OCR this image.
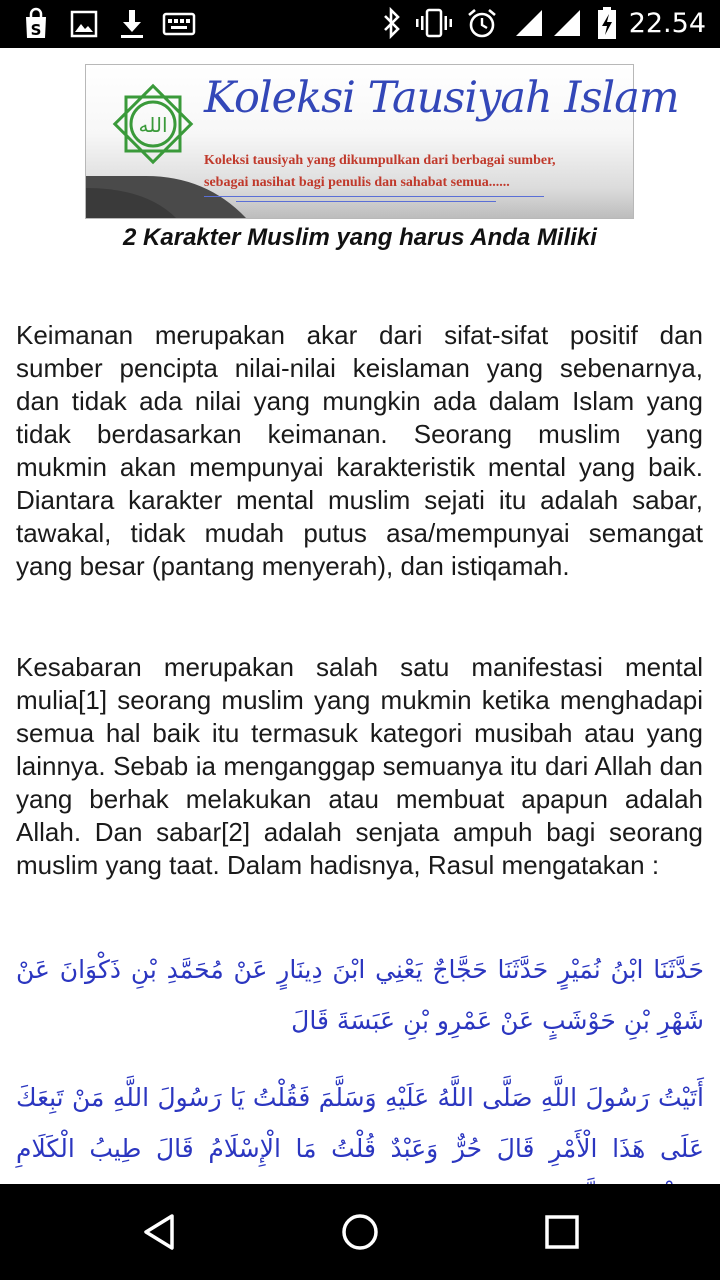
S	22.54
الله
Koleksi Tausiyah Islam
Koleksi tausiyah yang dikumpulkan dari berbagai sumber,
sebagai nasihat bagi penulis dan sahabat semua......
2 Karakter Muslim yang harus Anda Miliki

Keimanan merupakan akar dari sifat-sifat positif dan sumber pencipta nilai-nilai keislaman yang sebenarnya, dan tidak ada nilai yang mungkin ada dalam Islam yang tidak berdasarkan keimanan. Seorang muslim yang mukmin akan mempunyai karakteristik mental yang baik. Diantara karakter mental muslim sejati itu adalah sabar, tawakal, tidak mudah putus asa/mempunyai semangat yang besar (pantang menyerah), dan istiqamah.

Kesabaran merupakan salah satu manifestasi mental mulia[1] seorang muslim yang mukmin ketika menghadapi semua hal baik itu termasuk kategori musibah atau yang lainnya. Sebab ia menganggap semuanya itu dari Allah dan yang berhak melakukan atau membuat apapun adalah Allah. Dan sabar[2] adalah senjata ampuh bagi seorang muslim yang taat. Dalam hadisnya, Rasul mengatakan :

حَدَّثَنَا ابْنُ نُمَيْرٍ حَدَّثَنَا حَجَّاجٌ يَعْنِي ابْنَ دِينَارٍ عَنْ مُحَمَّدِ بْنِ ذَكْوَانَ عَنْ شَهْرِ بْنِ حَوْشَبٍ عَنْ عَمْرِو بْنِ عَبَسَةَ قَالَ

أَتَيْتُ رَسُولَ اللَّهِ صَلَّى اللَّهُ عَلَيْهِ وَسَلَّمَ فَقُلْتُ يَا رَسُولَ اللَّهِ مَنْ تَبِعَكَ عَلَى هَذَا الْأَمْرِ قَالَ حُرٌّ وَعَبْدٌ قُلْتُ مَا الْإِسْلَامُ قَالَ طِيبُ الْكَلَامِ
